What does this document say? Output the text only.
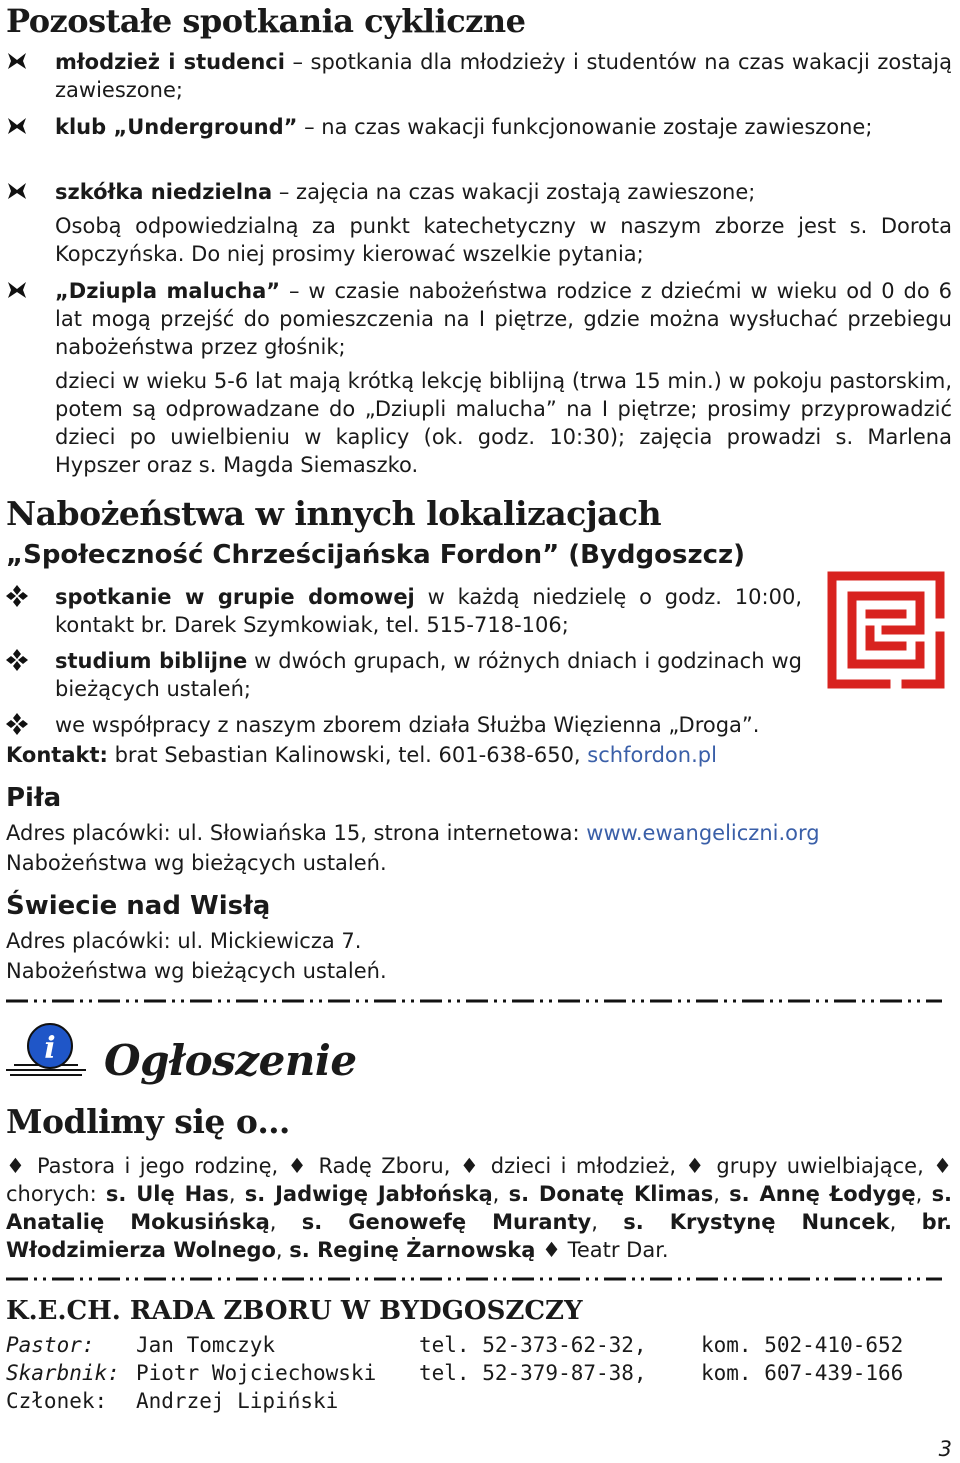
Pozostałe spotkania cykliczne
młodzież i studenci – spotkania dla młodzieży i studentów na czas wakacji zostają zawieszone;
klub „Underground” – na czas wakacji funkcjonowanie zostaje zawieszone;
szkółka niedzielna – zajęcia na czas wakacji zostają zawieszone;
Osobą odpowiedzialną za punkt katechetyczny w naszym zborze jest s. Dorota Kopczyńska. Do niej prosimy kierować wszelkie pytania;
„Dziupla malucha” – w czasie nabożeństwa rodzice z dziećmi w wieku od 0 do 6 lat mogą przejść do pomieszczenia na I piętrze, gdzie można wysłuchać przebiegu nabożeństwa przez głośnik;
dzieci w wieku 5-6 lat mają krótką lekcję biblijną (trwa 15 min.) w pokoju pastorskim, potem są odprowadzane do „Dziupli malucha” na I piętrze; prosimy przyprowadzić dzieci po uwielbieniu w kaplicy (ok. godz. 10:30); zajęcia prowadzi s. Marlena Hypszer oraz s. Magda Siemaszko.
Nabożeństwa w innych lokalizacjach
„Społeczność Chrześcijańska Fordon” (Bydgoszcz)
spotkanie w grupie domowej w każdą niedzielę o godz. 10:00, kontakt br. Darek Szymkowiak, tel. 515-718-106;
studium biblijne w dwóch grupach, w różnych dniach i godzinach wg bieżących ustaleń;
we współpracy z naszym zborem działa Służba Więzienna „Droga”.
Kontakt: brat Sebastian Kalinowski, tel. 601-638-650, schfordon.pl
Piła
Adres placówki: ul. Słowiańska 15, strona internetowa: www.ewangeliczni.org
Nabożeństwa wg bieżących ustaleń.
Świecie nad Wisłą
Adres placówki: ul. Mickiewicza 7.
Nabożeństwa wg bieżących ustaleń.
i Ogłoszenie
Modlimy się o…
♦ Pastora i jego rodzinę, ♦ Radę Zboru, ♦ dzieci i młodzież, ♦ grupy uwielbiające, ♦ chorych: s. Ulę Has, s. Jadwigę Jabłońską, s. Donatę Klimas, s. Annę Łodygę, s. Anatalię Mokusińską, s. Genowefę Muranty, s. Krystynę Nuncek, br. Włodzimierza Wolnego, s. Reginę Żarnowską ♦ Teatr Dar.
K.E.CH. RADA ZBORU W BYDGOSZCZY
Pastor: Jan Tomczyk	tel. 52-373-62-32,	kom. 502-410-652
Skarbnik: Piotr Wojciechowski tel. 52-379-87-38,	kom. 607-439-166
Członek: Andrzej Lipiński
3
